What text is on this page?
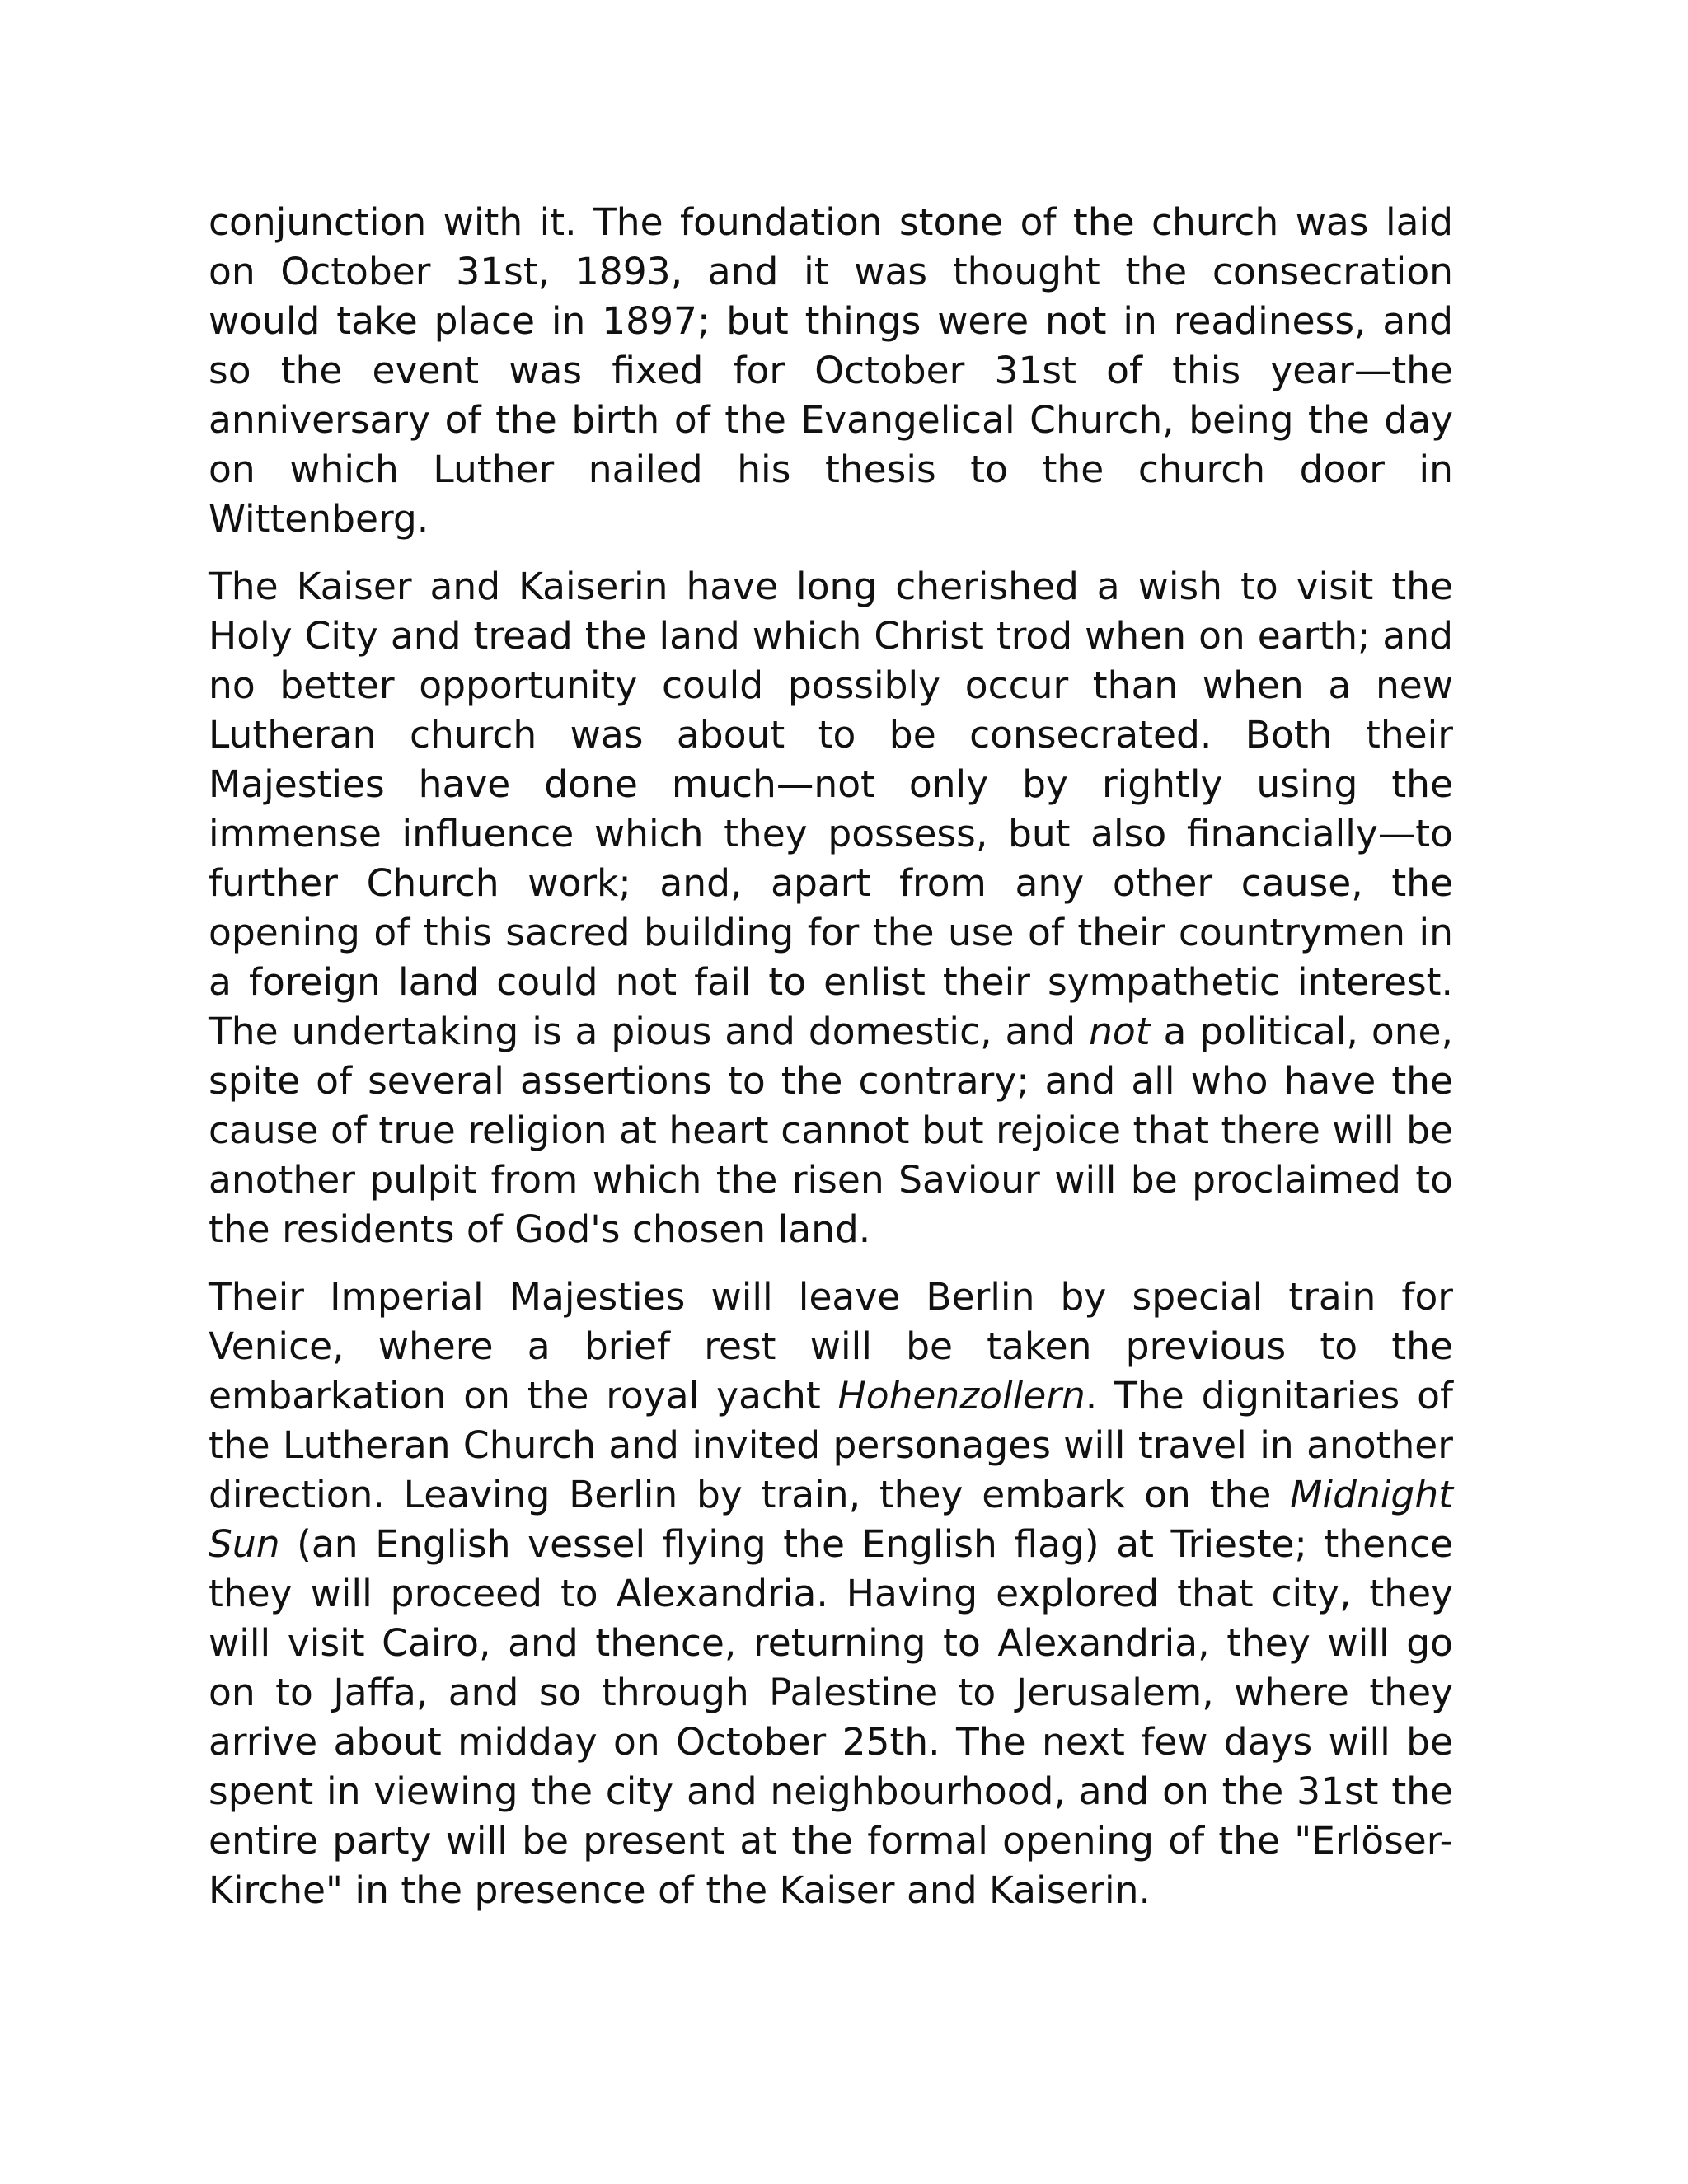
conjunction with it. The foundation stone of the church was laid on October 31st, 1893, and it was thought the consecration would take place in 1897; but things were not in readiness, and so the event was fixed for October 31st of this year—the anniversary of the birth of the Evangelical Church, being the day on which Luther nailed his thesis to the church door in Wittenberg.

The Kaiser and Kaiserin have long cherished a wish to visit the Holy City and tread the land which Christ trod when on earth; and no better opportunity could possibly occur than when a new Lutheran church was about to be consecrated. Both their Majesties have done much—not only by rightly using the immense influence which they possess, but also financially—to further Church work; and, apart from any other cause, the opening of this sacred building for the use of their countrymen in a foreign land could not fail to enlist their sympathetic interest. The undertaking is a pious and domestic, and not a political, one, spite of several assertions to the contrary; and all who have the cause of true religion at heart cannot but rejoice that there will be another pulpit from which the risen Saviour will be proclaimed to the residents of God's chosen land.

Their Imperial Majesties will leave Berlin by special train for Venice, where a brief rest will be taken previous to the embarkation on the royal yacht Hohenzollern. The dignitaries of the Lutheran Church and invited personages will travel in another direction. Leaving Berlin by train, they embark on the Midnight Sun (an English vessel flying the English flag) at Trieste; thence they will proceed to Alexandria. Having explored that city, they will visit Cairo, and thence, returning to Alexandria, they will go on to Jaffa, and so through Palestine to Jerusalem, where they arrive about midday on October 25th. The next few days will be spent in viewing the city and neighbourhood, and on the 31st the entire party will be present at the formal opening of the "Erlöser-Kirche" in the presence of the Kaiser and Kaiserin.
